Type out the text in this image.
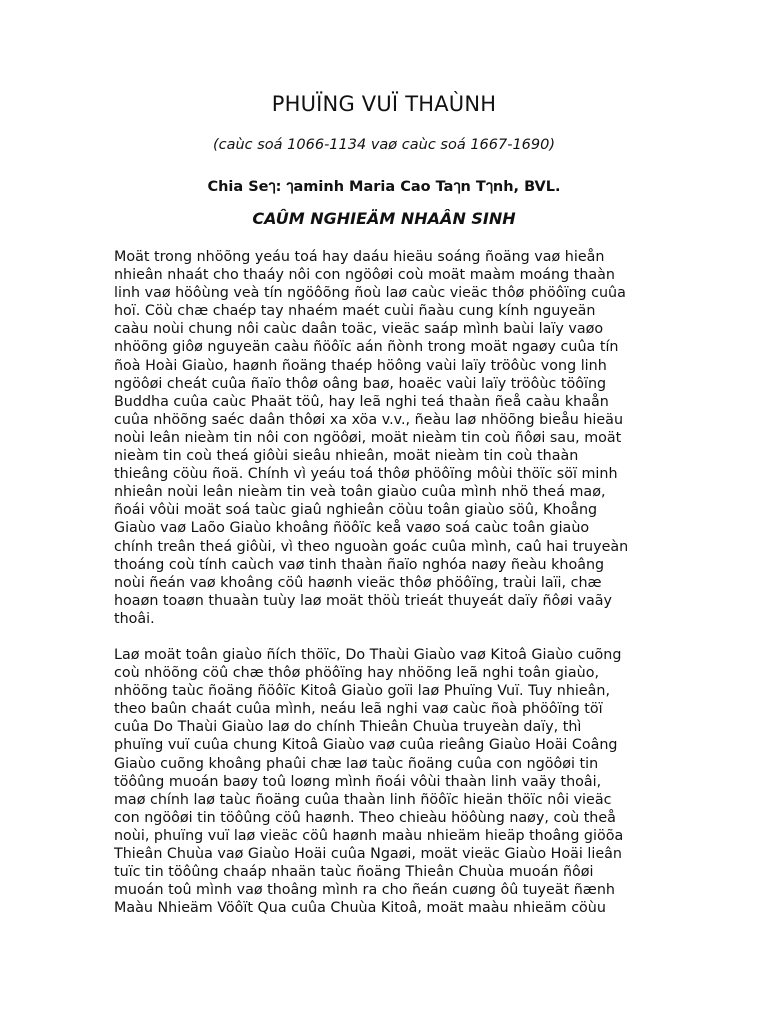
PHUÏNG VUÏ THAÙNH

(caùc soá 1066-1134 vaø caùc soá 1667-1690)

Chia Seๅ: ๅaminh Maria Cao Taๅn Tๅnh, BVL.

CAÛM NGHIEÄM NHAÂN SINH

Moät trong nhöõng yeáu toá hay daáu hieäu soáng ñoäng vaø hieån
nhieân nhaát cho thaáy nôi con ngöôøi coù moät maàm moáng thaàn
linh vaø höôùng veà tín ngöôõng ñoù laø caùc vieäc thôø phöôïng cuûa
hoï. Cöù chæ chaép tay nhaém maét cuùi ñaàu cung kính nguyeän
caàu noùi chung nôi caùc daân toäc, vieäc saáp mình baùi laïy vaøo
nhöõng giôø nguyeän caàu ñöôïc aán ñònh trong moät ngaøy cuûa tín
ñoà Hoài Giaùo, haønh ñoäng thaép höông vaùi laïy tröôùc vong linh
ngöôøi cheát cuûa ñaïo thôø oâng baø, hoaëc vaùi laïy tröôùc töôïng
Buddha cuûa caùc Phaät töû, hay leã nghi teá thaàn ñeå caàu khaån
cuûa nhöõng saéc daân thôøi xa xöa v.v., ñeàu laø nhöõng bieåu hieäu
noùi leân nieàm tin nôi con ngöôøi, moät nieàm tin coù ñôøi sau, moät
nieàm tin coù theá giôùi sieâu nhieân, moät nieàm tin coù thaàn
thieâng cöùu ñoä. Chính vì yeáu toá thôø phöôïng môùi thöïc söï minh
nhieân noùi leân nieàm tin veà toân giaùo cuûa mình nhö theá maø,
ñoái vôùi moät soá taùc giaû nghieân cöùu toân giaùo söû, Khoång
Giaùo vaø Laõo Giaùo khoâng ñöôïc keå vaøo soá caùc toân giaùo
chính treân theá giôùi, vì theo nguoàn goác cuûa mình, caû hai truyeàn
thoáng coù tính caùch vaø tinh thaàn ñaïo nghóa naøy ñeàu khoâng
noùi ñeán vaø khoâng cöû haønh vieäc thôø phöôïng, traùi laïi, chæ
hoaøn toaøn thuaàn tuùy laø moät thöù trieát thuyeát daïy ñôøi vaãy
thoâi.

Laø moät toân giaùo ñích thöïc, Do Thaùi Giaùo vaø Kitoâ Giaùo cuõng
coù nhöõng cöû chæ thôø phöôïng hay nhöõng leã nghi toân giaùo,
nhöõng taùc ñoäng ñöôïc Kitoâ Giaùo goïi laø Phuïng Vuï. Tuy nhieân,
theo baûn chaát cuûa mình, neáu leã nghi vaø caùc ñoà phöôïng töï
cuûa Do Thaùi Giaùo laø do chính Thieân Chuùa truyeàn daïy, thì
phuïng vuï cuûa chung Kitoâ Giaùo vaø cuûa rieâng Giaùo Hoäi Coâng
Giaùo cuõng khoâng phaûi chæ laø taùc ñoäng cuûa con ngöôøi tin
töôûng muoán baøy toû loøng mình ñoái vôùi thaàn linh vaäy thoâi,
maø chính laø taùc ñoäng cuûa thaàn linh ñöôïc hieän thöïc nôi vieäc
con ngöôøi tin töôûng cöû haønh. Theo chieàu höôùng naøy, coù theå
noùi, phuïng vuï laø vieäc cöû haønh maàu nhieäm hieäp thoâng giöõa
Thieân Chuùa vaø Giaùo Hoäi cuûa Ngaøi, moät vieäc Giaùo Hoäi lieân
tuïc tin töôûng chaáp nhaän taùc ñoäng Thieân Chuùa muoán ñôøi
muoán toû mình vaø thoâng mình ra cho ñeán cuøng ôû tuyeät ñænh
Maàu Nhieäm Vöôït Qua cuûa Chuùa Kitoâ, moät maàu nhieäm cöùu
